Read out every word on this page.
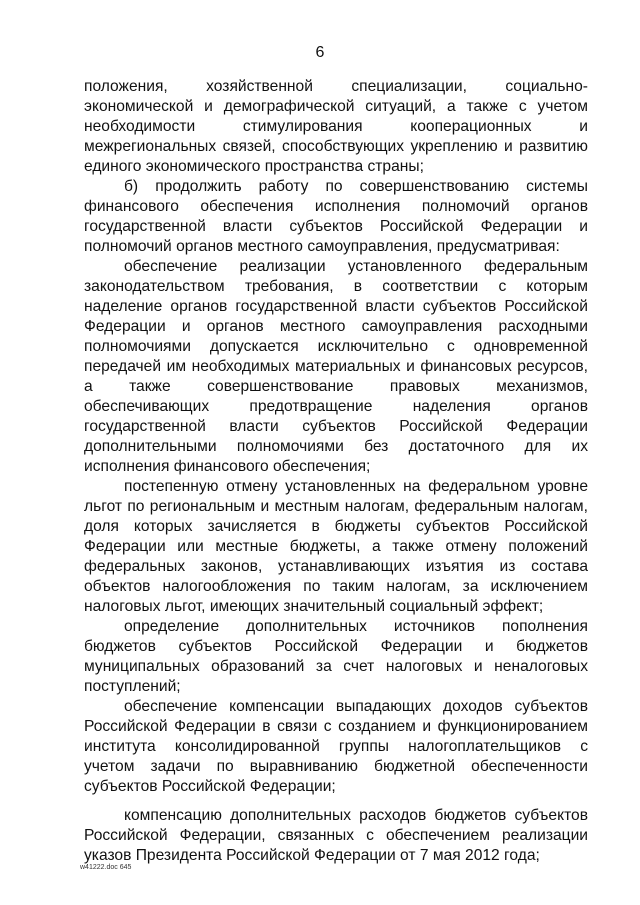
6
положения, хозяйственной специализации, социально-
экономической и демографической ситуаций, а также с учетом
необходимости стимулирования кооперационных и
межрегиональных связей, способствующих укреплению и развитию
единого экономического пространства страны;
б) продолжить работу по совершенствованию системы
финансового обеспечения исполнения полномочий органов
государственной власти субъектов Российской Федерации и
полномочий органов местного самоуправления, предусматривая:
обеспечение реализации установленного федеральным
законодательством требования, в соответствии с которым
наделение органов государственной власти субъектов Российской
Федерации и органов местного самоуправления расходными
полномочиями допускается исключительно с одновременной
передачей им необходимых материальных и финансовых ресурсов,
а также совершенствование правовых механизмов,
обеспечивающих предотвращение наделения органов
государственной власти субъектов Российской Федерации
дополнительными полномочиями без достаточного для их
исполнения финансового обеспечения;
постепенную отмену установленных на федеральном уровне
льгот по региональным и местным налогам, федеральным налогам,
доля которых зачисляется в бюджеты субъектов Российской
Федерации или местные бюджеты, а также отмену положений
федеральных законов, устанавливающих изъятия из состава
объектов налогообложения по таким налогам, за исключением
налоговых льгот, имеющих значительный социальный эффект;
определение дополнительных источников пополнения
бюджетов субъектов Российской Федерации и бюджетов
муниципальных образований за счет налоговых и неналоговых
поступлений;
обеспечение компенсации выпадающих доходов субъектов
Российской Федерации в связи с созданием и функционированием
института консолидированной группы налогоплательщиков с
учетом задачи по выравниванию бюджетной обеспеченности
субъектов Российской Федерации;
компенсацию дополнительных расходов бюджетов субъектов
Российской Федерации, связанных с обеспечением реализации
указов Президента Российской Федерации от 7 мая 2012 года;
w41222.doc 645
